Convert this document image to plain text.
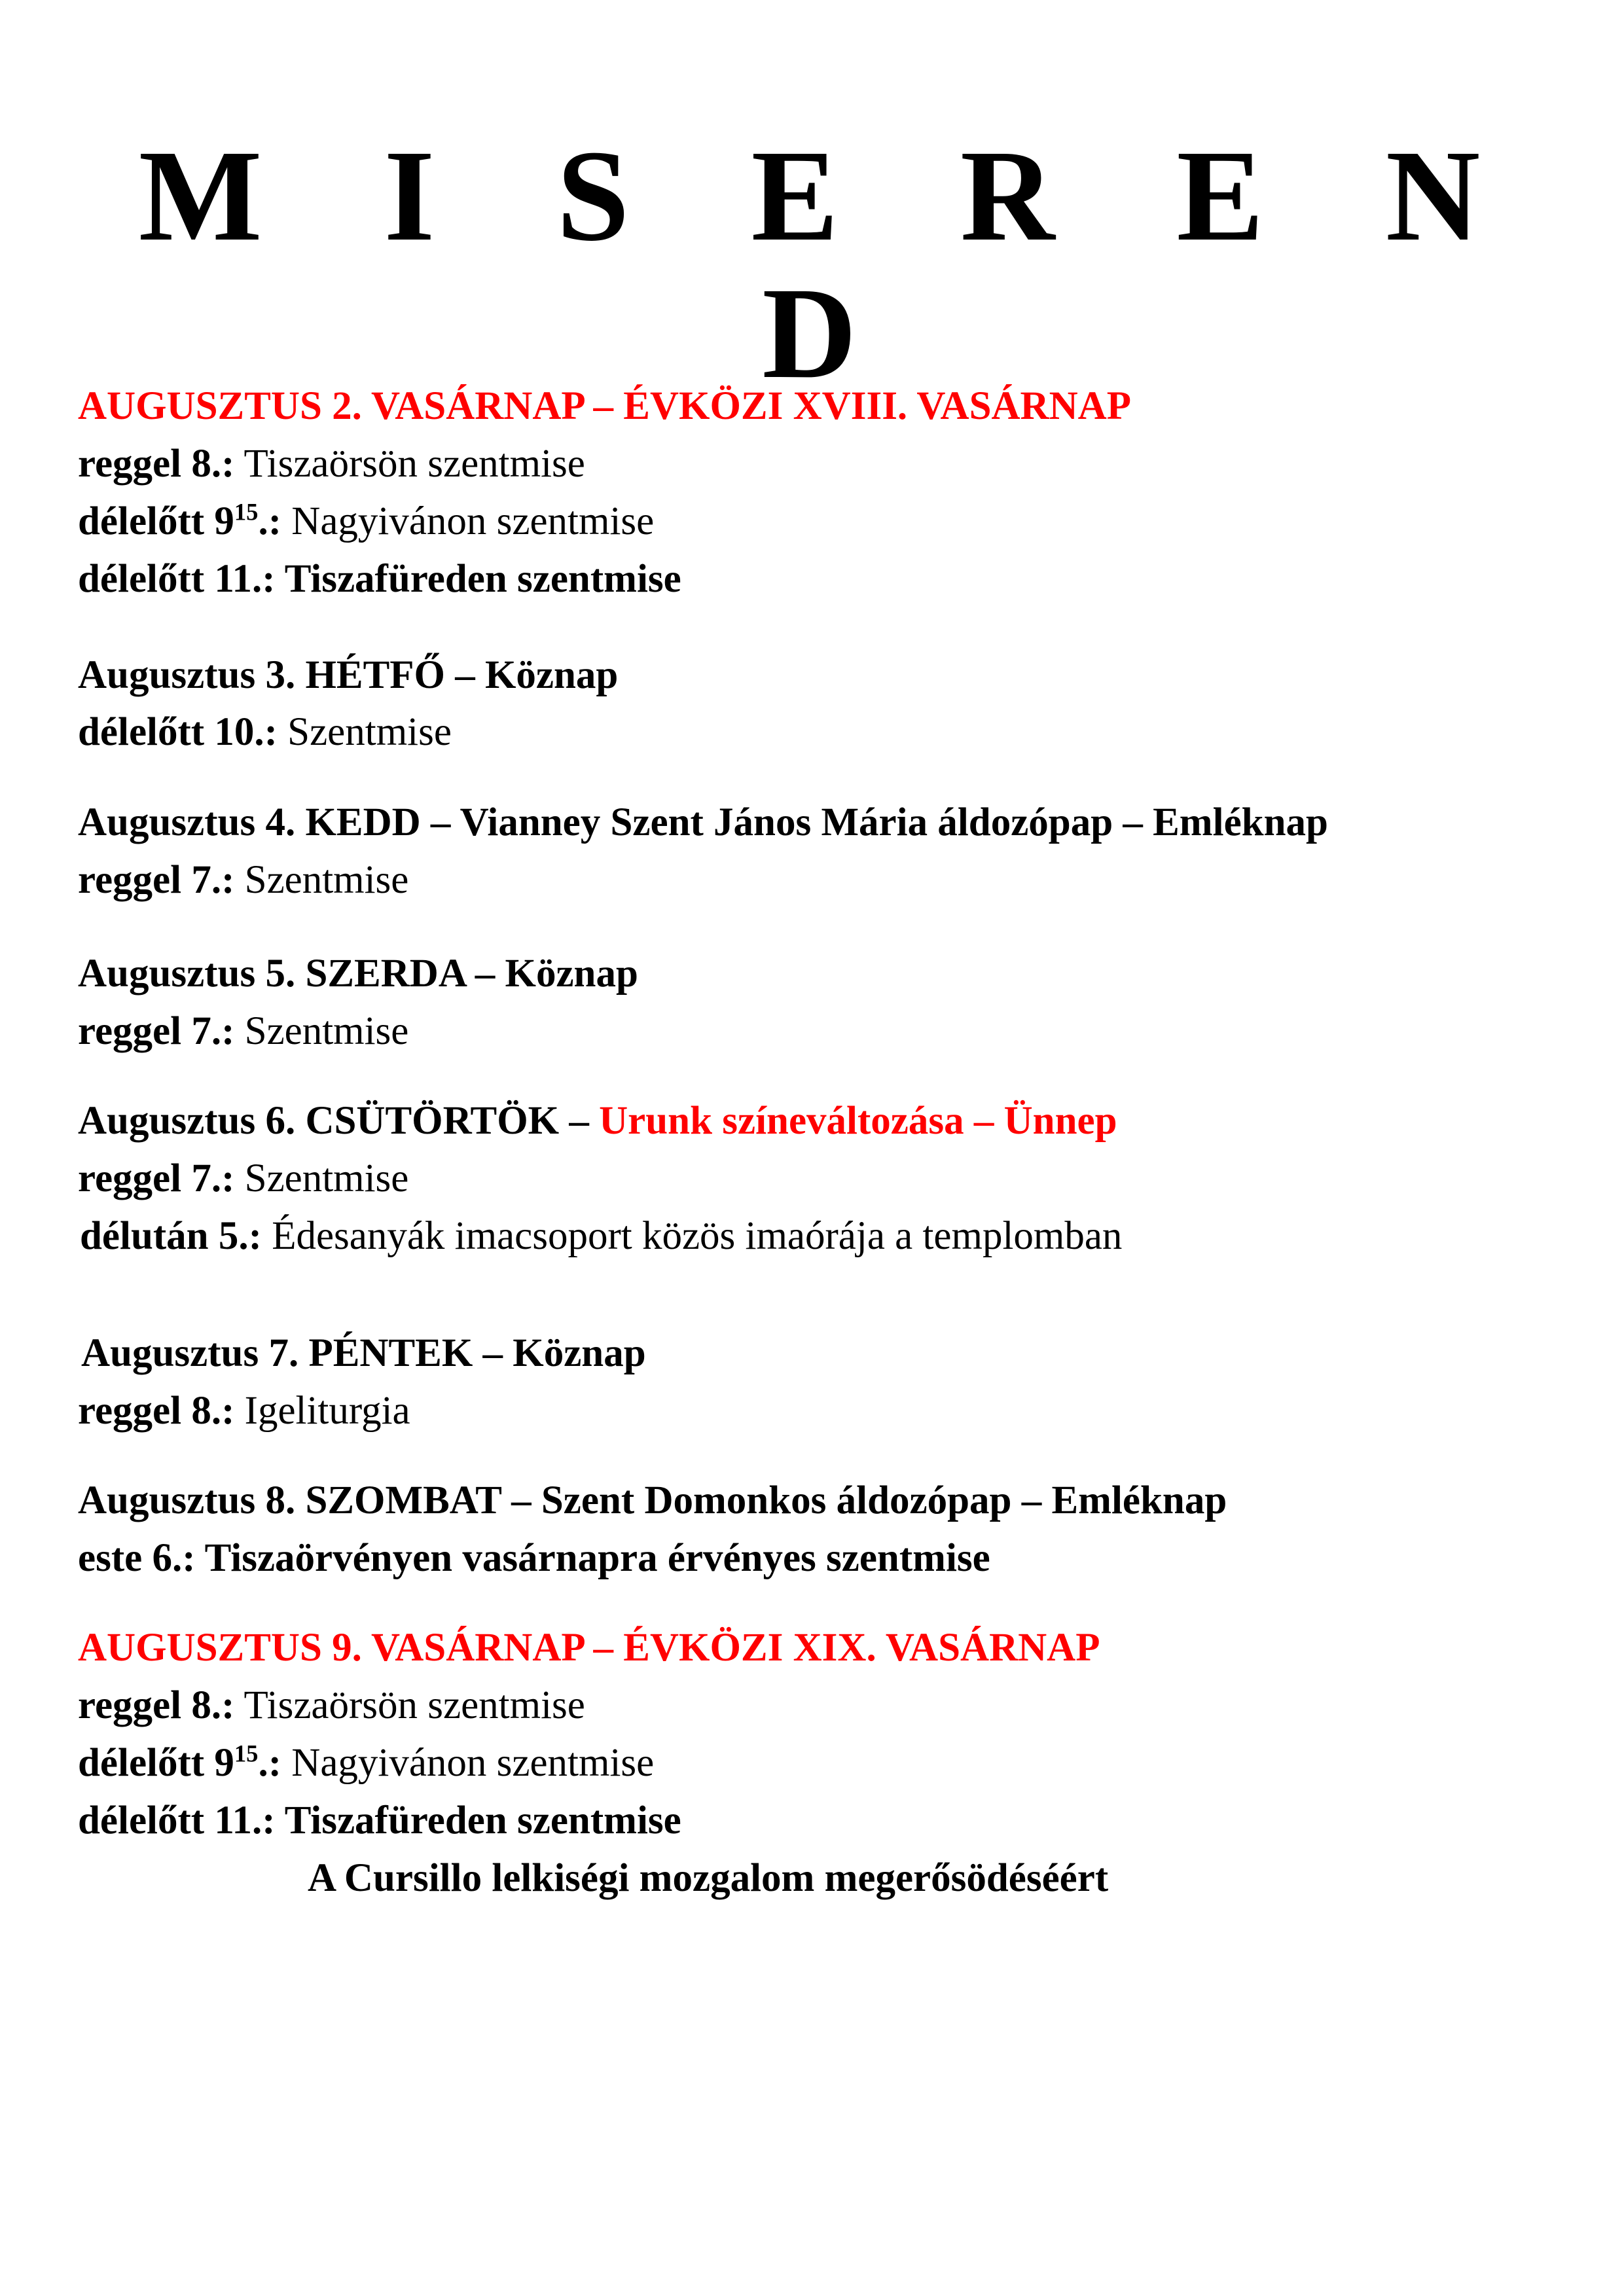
M I S E R E N D
AUGUSZTUS 2. VASÁRNAP – ÉVKÖZI XVIII. VASÁRNAP
reggel 8.: Tiszaörsön szentmise
délelőtt $9^{15}$.: Nagyivánon szentmise
délelőtt 11.: Tiszafüreden szentmise
Augusztus 3. HÉTFŐ – Köznap
délelőtt 10.: Szentmise
Augusztus 4. KEDD – Vianney Szent János Mária áldozópap – Emléknap
reggel 7.: Szentmise
Augusztus 5. SZERDA – Köznap
reggel 7.: Szentmise
Augusztus 6. CSÜTÖRTÖK – Urunk színeváltozása – Ünnep
reggel 7.: Szentmise
délután 5.: Édesanyák imacsoport közös imaórája a templomban
Augusztus 7. PÉNTEK – Köznap
reggel 8.: Igeliturgia
Augusztus 8. SZOMBAT – Szent Domonkos áldozópap – Emléknap
este 6.: Tiszaörvényen vasárnapra érvényes szentmise
AUGUSZTUS 9. VASÁRNAP – ÉVKÖZI XIX. VASÁRNAP
reggel 8.: Tiszaörsön szentmise
délelőtt $9^{15}$.: Nagyivánon szentmise
délelőtt 11.: Tiszafüreden szentmise
A Cursillo lelkiségi mozgalom megerősödéséért
